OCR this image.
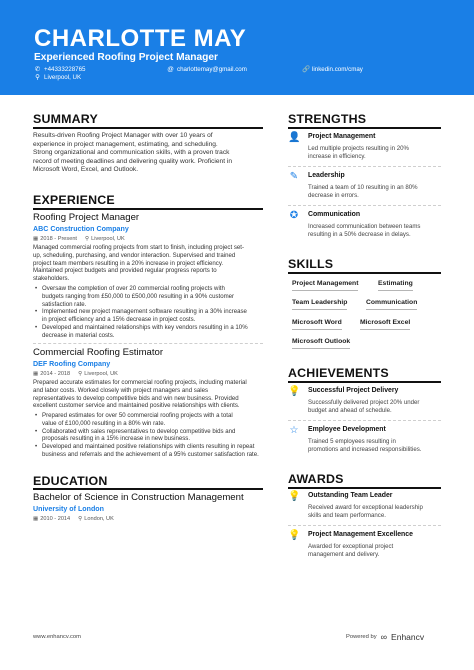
CHARLOTTE MAY
Experienced Roofing Project Manager
✆ +44333228765	@ charlottemay@gmail.com	🔗 linkedin.com/cmay
⚲ Liverpool, UK
SUMMARY
Results-driven Roofing Project Manager with over 10 years of
experience in project management, estimating, and scheduling.
Strong organizational and communication skills, with a proven track
record of meeting deadlines and delivering quality work. Proficient in
Microsoft Word, Excel, and Outlook.
EXPERIENCE
Roofing Project Manager
ABC Construction Company
▦ 2018 - Present ⚲ Liverpool, UK
Managed commercial roofing projects from start to finish, including project set-
up, scheduling, purchasing, and vendor interaction. Supervised and trained
project team members resulting in a 20% increase in project efficiency.
Maintained project budgets and provided regular progress reports to
stakeholders.
• Oversaw the completion of over 20 commercial roofing projects with
budgets ranging from £50,000 to £500,000 resulting in a 90% customer
satisfaction rate.
• Implemented new project management software resulting in a 30% increase
in project efficiency and a 15% decrease in project costs.
• Developed and maintained relationships with key vendors resulting in a 10%
decrease in material costs.
Commercial Roofing Estimator
DEF Roofing Company
▦ 2014 - 2018 ⚲ Liverpool, UK
Prepared accurate estimates for commercial roofing projects, including material
and labor costs. Worked closely with project managers and sales
representatives to develop competitive bids and win new business. Provided
excellent customer service and maintained positive relationships with clients.
• Prepared estimates for over 50 commercial roofing projects with a total
value of £100,000 resulting in a 80% win rate.
• Collaborated with sales representatives to develop competitive bids and
proposals resulting in a 15% increase in new business.
• Developed and maintained positive relationships with clients resulting in repeat
business and referrals and the achievement of a 95% customer satisfaction rate.
EDUCATION
Bachelor of Science in Construction Management
University of London
▦ 2010 - 2014 ⚲ London, UK
STRENGTHS
👤 Project Management
Led multiple projects resulting in 20%
increase in efficiency.
✎ Leadership
Trained a team of 10 resulting in an 80%
decrease in errors.
✪ Communication
Increased communication between teams
resulting in a 50% decrease in delays.
SKILLS
Project Management	Estimating
Team Leadership	Communication
Microsoft Word	Microsoft Excel
Microsoft Outlook
ACHIEVEMENTS
💡 Successful Project Delivery
Successfully delivered project 20% under
budget and ahead of schedule.
☆ Employee Development
Trained 5 employees resulting in
promotions and increased responsibilities.
AWARDS
💡 Outstanding Team Leader
Received award for exceptional leadership
skills and team performance.
💡 Project Management Excellence
Awarded for exceptional project
management and delivery.
www.enhancv.com	Powered by ∞ Enhancv
